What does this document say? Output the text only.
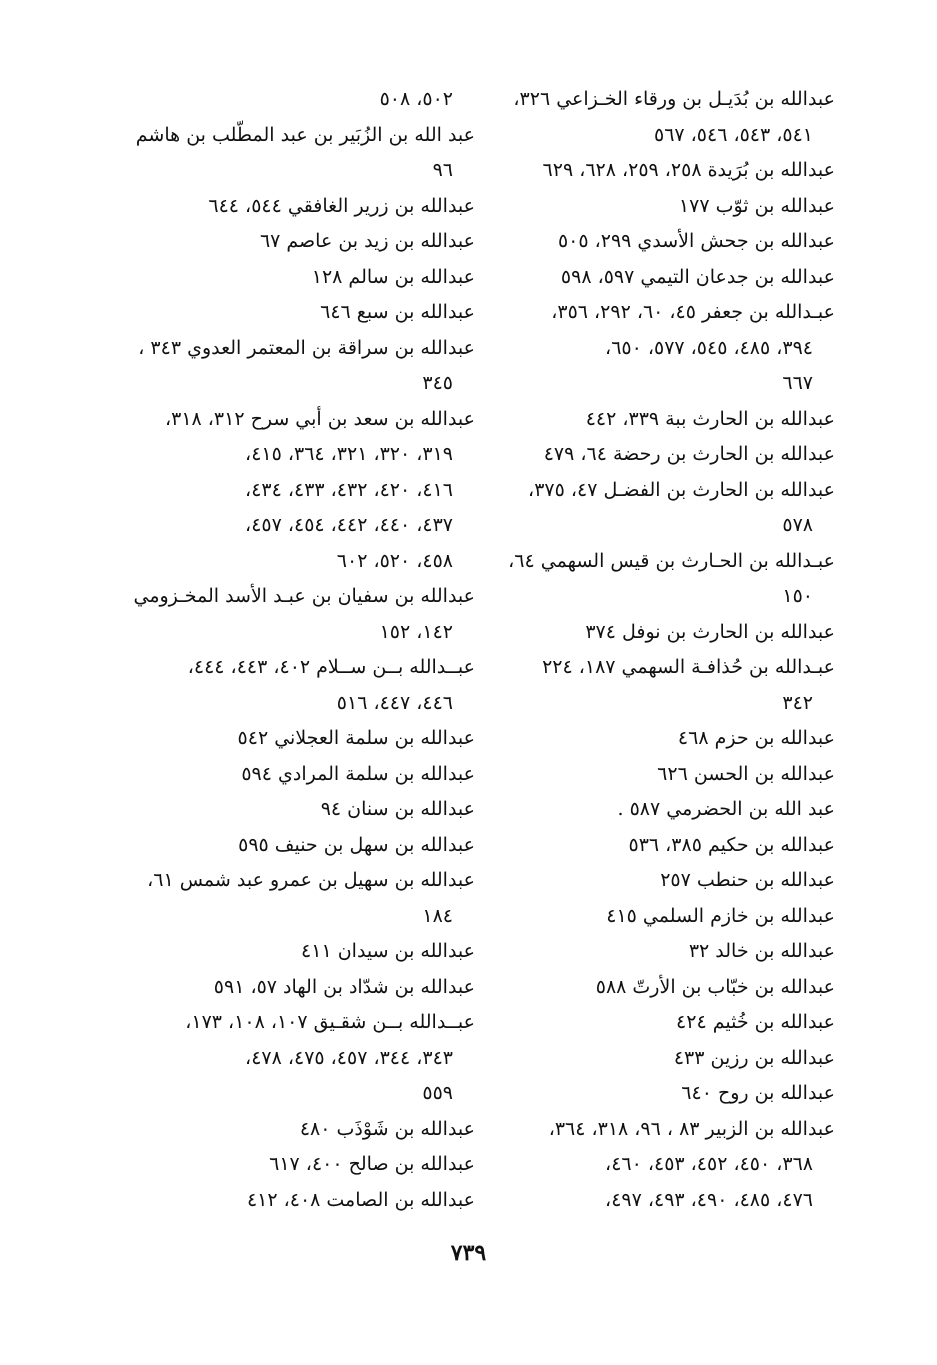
عبدالله بن بُدَيـل بن ورقاء الخـزاعي ٣٢٦،
٥٤١، ٥٤٣، ٥٤٦، ٥٦٧
عبدالله بن بُرَيدة ٢٥٨، ٢٥٩، ٦٢٨، ٦٢٩
عبدالله بن ثوّب ١٧٧
عبدالله بن جحش الأسدي ٢٩٩، ٥٠٥
عبدالله بن جدعان التيمي ٥٩٧، ٥٩٨
عبـدالله بن جعفر ٤٥، ٦٠، ٢٩٢، ٣٥٦،
٣٩٤، ٤٨٥، ٥٤٥، ٥٧٧، ٦٥٠،
٦٦٧
عبدالله بن الحارث ببة ٣٣٩، ٤٤٢
عبدالله بن الحارث بن رحضة ٦٤، ٤٧٩
عبدالله بن الحارث بن الفضـل ٤٧، ٣٧٥،
٥٧٨
عبـدالله بن الحـارث بن قيس السهمي ٦٤،
١٥٠
عبدالله بن الحارث بن نوفل ٣٧٤
عبـدالله بن حُذافـة السهمي ١٨٧، ٢٢٤
٣٤٢
عبدالله بن حزم ٤٦٨
عبدالله بن الحسن ٦٢٦
عبد الله بن الحضرمي ٥٨٧ .
عبدالله بن حكيم ٣٨٥، ٥٣٦
عبدالله بن حنطب ٢٥٧
عبدالله بن خازم السلمي ٤١٥
عبدالله بن خالد ٣٢
عبدالله بن خبّاب بن الأرتّ ٥٨٨
عبدالله بن خُثيم ٤٢٤
عبدالله بن رزين ٤٣٣
عبدالله بن روح ٦٤٠
عبدالله بن الزبير ٨٣ ، ٩٦، ٣١٨، ٣٦٤،
٣٦٨، ٤٥٠، ٤٥٢، ٤٥٣، ٤٦٠،
٤٧٦، ٤٨٥، ٤٩٠، ٤٩٣، ٤٩٧،
٥٠٢، ٥٠٨
عبد الله بن الزُبَير بن عبد المطّلب بن هاشم
٩٦
عبدالله بن زرير الغافقي ٥٤٤، ٦٤٤
عبدالله بن زيد بن عاصم ٦٧
عبدالله بن سالم ١٢٨
عبدالله بن سبع ٦٤٦
عبدالله بن سراقة بن المعتمر العدوي ٣٤٣ ،
٣٤٥
عبدالله بن سعد بن أبي سرح ٣١٢، ٣١٨،
٣١٩، ٣٢٠، ٣٢١، ٣٦٤، ٤١٥،
٤١٦، ٤٢٠، ٤٣٢، ٤٣٣، ٤٣٤،
٤٣٧، ٤٤٠، ٤٤٢، ٤٥٤، ٤٥٧،
٤٥٨، ٥٢٠، ٦٠٢
عبدالله بن سفيان بن عبـد الأسد المخـزومي
١٤٢، ١٥٢
عبــدالله بــن ســلام ٤٠٢، ٤٤٣، ٤٤٤،
٤٤٦، ٤٤٧، ٥١٦
عبدالله بن سلمة العجلاني ٥٤٢
عبدالله بن سلمة المرادي ٥٩٤
عبدالله بن سنان ٩٤
عبدالله بن سهل بن حنيف ٥٩٥
عبدالله بن سهيل بن عمرو عبد شمس ٦١،
١٨٤
عبدالله بن سيدان ٤١١
عبدالله بن شدّاد بن الهاد ٥٧، ٥٩١
عبــدالله بــن شقـيق ١٠٧، ١٠٨، ١٧٣،
٣٤٣، ٣٤٤، ٤٥٧، ٤٧٥، ٤٧٨،
٥٥٩
عبدالله بن شَوْذَب ٤٨٠
عبدالله بن صالح ٤٠٠، ٦١٧
عبدالله بن الصامت ٤٠٨، ٤١٢
٧٣٩
